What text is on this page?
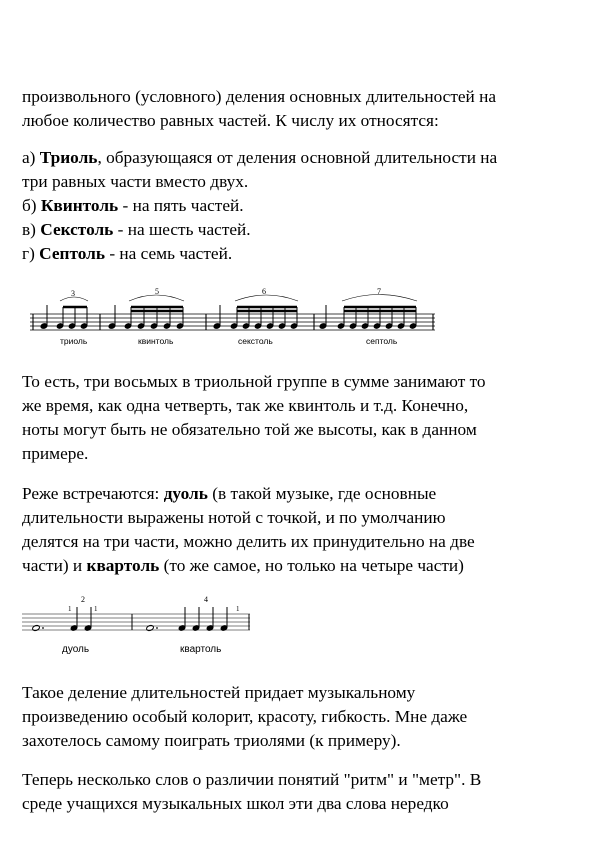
произвольного (условного) деления основных длительностей на

любое количество равных частей. К числу их относятся:

а) Триоль, образующаяся от деления основной длительности на

три равных части вместо двух.

б) Квинтоль - на пять частей.

в) Секстоль - на шесть частей.

г) Септоль - на семь частей.

3	5	6	7
триоль	квинтоль	секстоль	септоль

То есть, три восьмых в триольной группе в сумме занимают то

же время, как одна четверть, так же квинтоль и т.д. Конечно,

ноты могут быть не обязательно той же высоты, как в данном

примере.

Реже встречаются: дуоль (в такой музыке, где основные

длительности выражены нотой с точкой, и по умолчанию

делятся на три части, можно делить их принудительно на две

части) и квартоль (то же самое, но только на четыре части)

2
1	1
4
1
дуоль	квартоль

Такое деление длительностей придает музыкальному

произведению особый колорит, красоту, гибкость. Мне даже

захотелось самому поиграть триолями (к примеру).

Теперь несколько слов о различии понятий "ритм" и "метр". В

среде учащихся музыкальных школ эти два слова нередко
